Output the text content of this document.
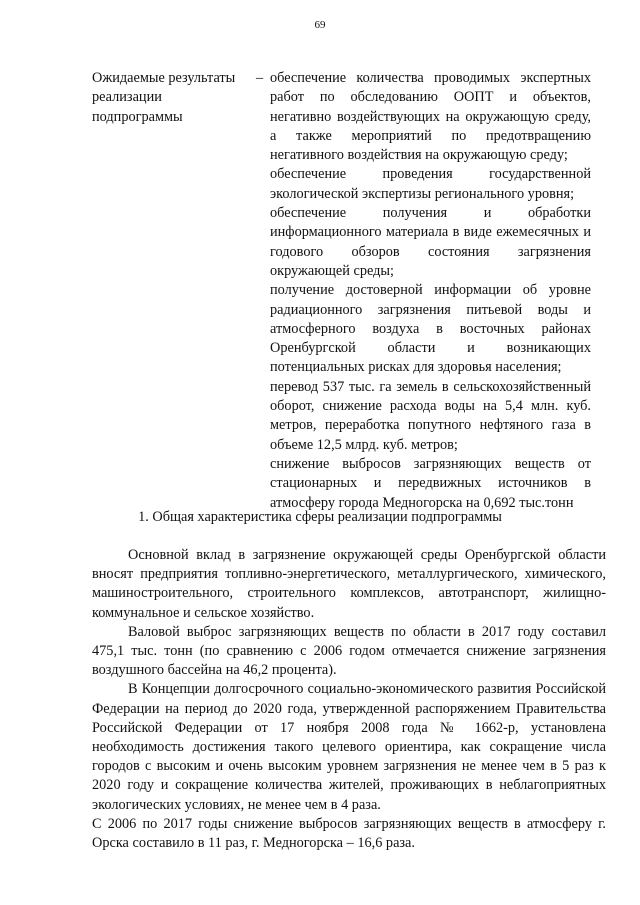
69
Ожидаемые результаты
реализации
подпрограммы
– обеспечение количества проводимых экспертных работ по обследованию ООПТ и объектов, негативно воздействующих на окружающую среду, а также мероприятий по предотвращению негативного воздействия на окружающую среду;

обеспечение проведения государственной экологической экспертизы регионального уровня;

обеспечение получения и обработки информационного материала в виде ежемесячных и годового обзоров состояния загрязнения окружающей среды;

получение достоверной информации об уровне радиационного загрязнения питьевой воды и атмосферного воздуха в восточных районах Оренбургской области и возникающих потенциальных рисках для здоровья населения;

перевод 537 тыс. га земель в сельскохозяйственный оборот, снижение расхода воды на 5,4 млн. куб. метров, переработка попутного нефтяного газа в объеме 12,5 млрд. куб. метров;

снижение выбросов загрязняющих веществ от стационарных и передвижных источников в атмосферу города Медногорска на 0,692 тыс.тонн

1. Общая характеристика сферы реализации подпрограммы

Основной вклад в загрязнение окружающей среды Оренбургской области вносят предприятия топливно-энергетического, металлургического, химического, машиностроительного, строительного комплексов, автотранспорт, жилищно-коммунальное и сельское хозяйство.

Валовой выброс загрязняющих веществ по области в 2017 году составил 475,1 тыс. тонн (по сравнению с 2006 годом отмечается снижение загрязнения воздушного бассейна на 46,2 процента).

В Концепции долгосрочного социально-экономического развития Российской Федерации на период до 2020 года, утвержденной распоряжением Правительства Российской Федерации от 17 ноября 2008 года № 1662-р, установлена необходимость достижения такого целевого ориентира, как сокращение числа городов с высоким и очень высоким уровнем загрязнения не менее чем в 5 раз к 2020 году и сокращение количества жителей, проживающих в неблагоприятных экологических условиях, не менее чем в 4 раза.

С 2006 по 2017 годы снижение выбросов загрязняющих веществ в атмосферу г. Орска составило в 11 раз, г. Медногорска – 16,6 раза.
